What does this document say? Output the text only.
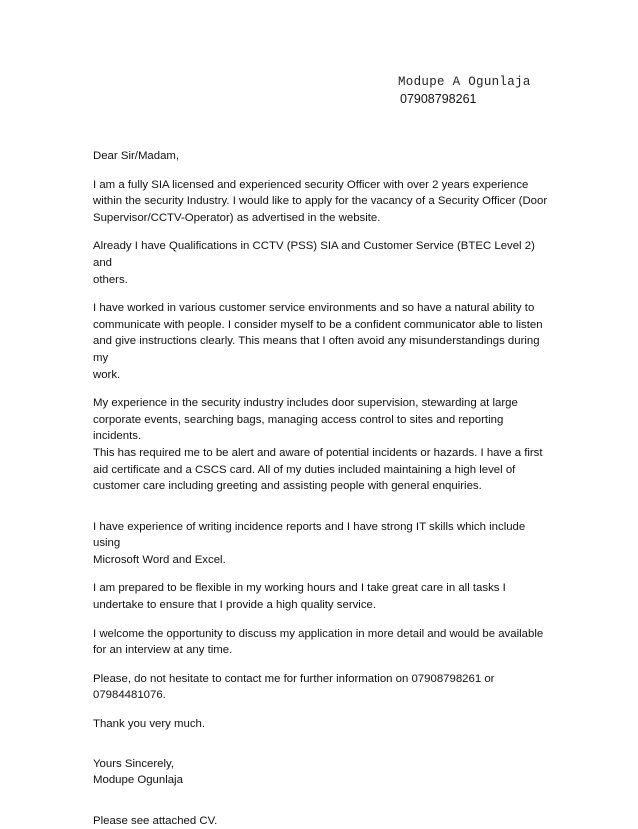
Modupe A Ogunlaja
07908798261

Dear Sir/Madam,

I am a fully SIA licensed and experienced security Officer with over 2 years experience
within the security Industry. I would like to apply for the vacancy of a Security Officer (Door
Supervisor/CCTV-Operator) as advertised in the website.

Already I have Qualifications in CCTV (PSS) SIA and Customer Service (BTEC Level 2) and
others.

I have worked in various customer service environments and so have a natural ability to
communicate with people. I consider myself to be a confident communicator able to listen
and give instructions clearly. This means that I often avoid any misunderstandings during my
work.

My experience in the security industry includes door supervision, stewarding at large
corporate events, searching bags, managing access control to sites and reporting incidents.
This has required me to be alert and aware of potential incidents or hazards. I have a first
aid certificate and a CSCS card. All of my duties included maintaining a high level of
customer care including greeting and assisting people with general enquiries.

I have experience of writing incidence reports and I have strong IT skills which include using
Microsoft Word and Excel.

I am prepared to be flexible in my working hours and I take great care in all tasks I
undertake to ensure that I provide a high quality service.

I welcome the opportunity to discuss my application in more detail and would be available
for an interview at any time.

Please, do not hesitate to contact me for further information on 07908798261 or
07984481076.

Thank you very much.

Yours Sincerely,

Modupe Ogunlaja

Please see attached CV.
